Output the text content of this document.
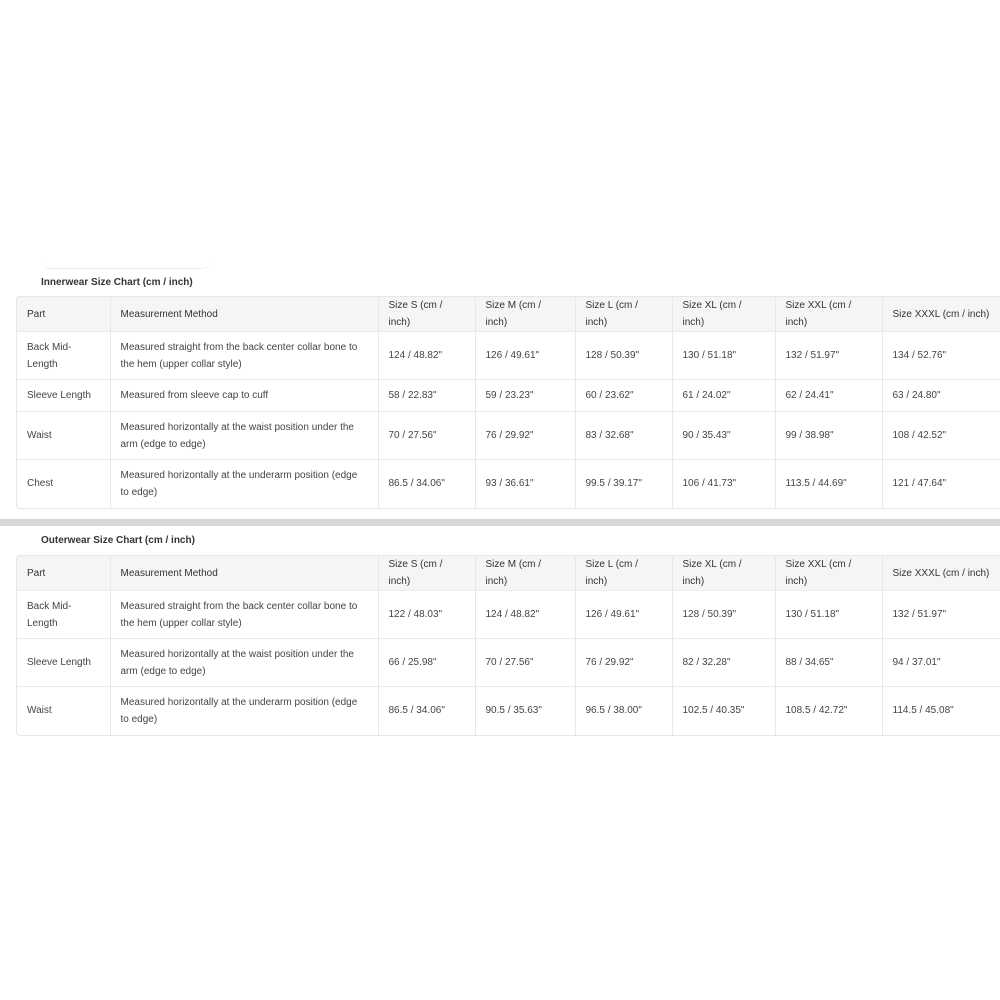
Innerwear Size Chart (cm / inch)
Part	Measurement Method	Size S (cm / inch)	Size M (cm / inch)	Size L (cm / inch)	Size XL (cm / inch)	Size XXL (cm / inch)	Size XXXL (cm / inch)
Back Mid-Length	Measured straight from the back center collar bone to the hem (upper collar style)	124 / 48.82"	126 / 49.61"	128 / 50.39"	130 / 51.18"	132 / 51.97"	134 / 52.76"
Sleeve Length	Measured from sleeve cap to cuff	58 / 22.83"	59 / 23.23"	60 / 23.62"	61 / 24.02"	62 / 24.41"	63 / 24.80"
Waist	Measured horizontally at the waist position under the arm (edge to edge)	70 / 27.56"	76 / 29.92"	83 / 32.68"	90 / 35.43"	99 / 38.98"	108 / 42.52"
Chest	Measured horizontally at the underarm position (edge to edge)	86.5 / 34.06"	93 / 36.61"	99.5 / 39.17"	106 / 41.73"	113.5 / 44.69"	121 / 47.64"
Outerwear Size Chart (cm / inch)
Part	Measurement Method	Size S (cm / inch)	Size M (cm / inch)	Size L (cm / inch)	Size XL (cm / inch)	Size XXL (cm / inch)	Size XXXL (cm / inch)
Back Mid-Length	Measured straight from the back center collar bone to the hem (upper collar style)	122 / 48.03"	124 / 48.82"	126 / 49.61"	128 / 50.39"	130 / 51.18"	132 / 51.97"
Sleeve Length	Measured horizontally at the waist position under the arm (edge to edge)	66 / 25.98"	70 / 27.56"	76 / 29.92"	82 / 32.28"	88 / 34.65"	94 / 37.01"
Waist	Measured horizontally at the underarm position (edge to edge)	86.5 / 34.06"	90.5 / 35.63"	96.5 / 38.00"	102.5 / 40.35"	108.5 / 42.72"	114.5 / 45.08"
